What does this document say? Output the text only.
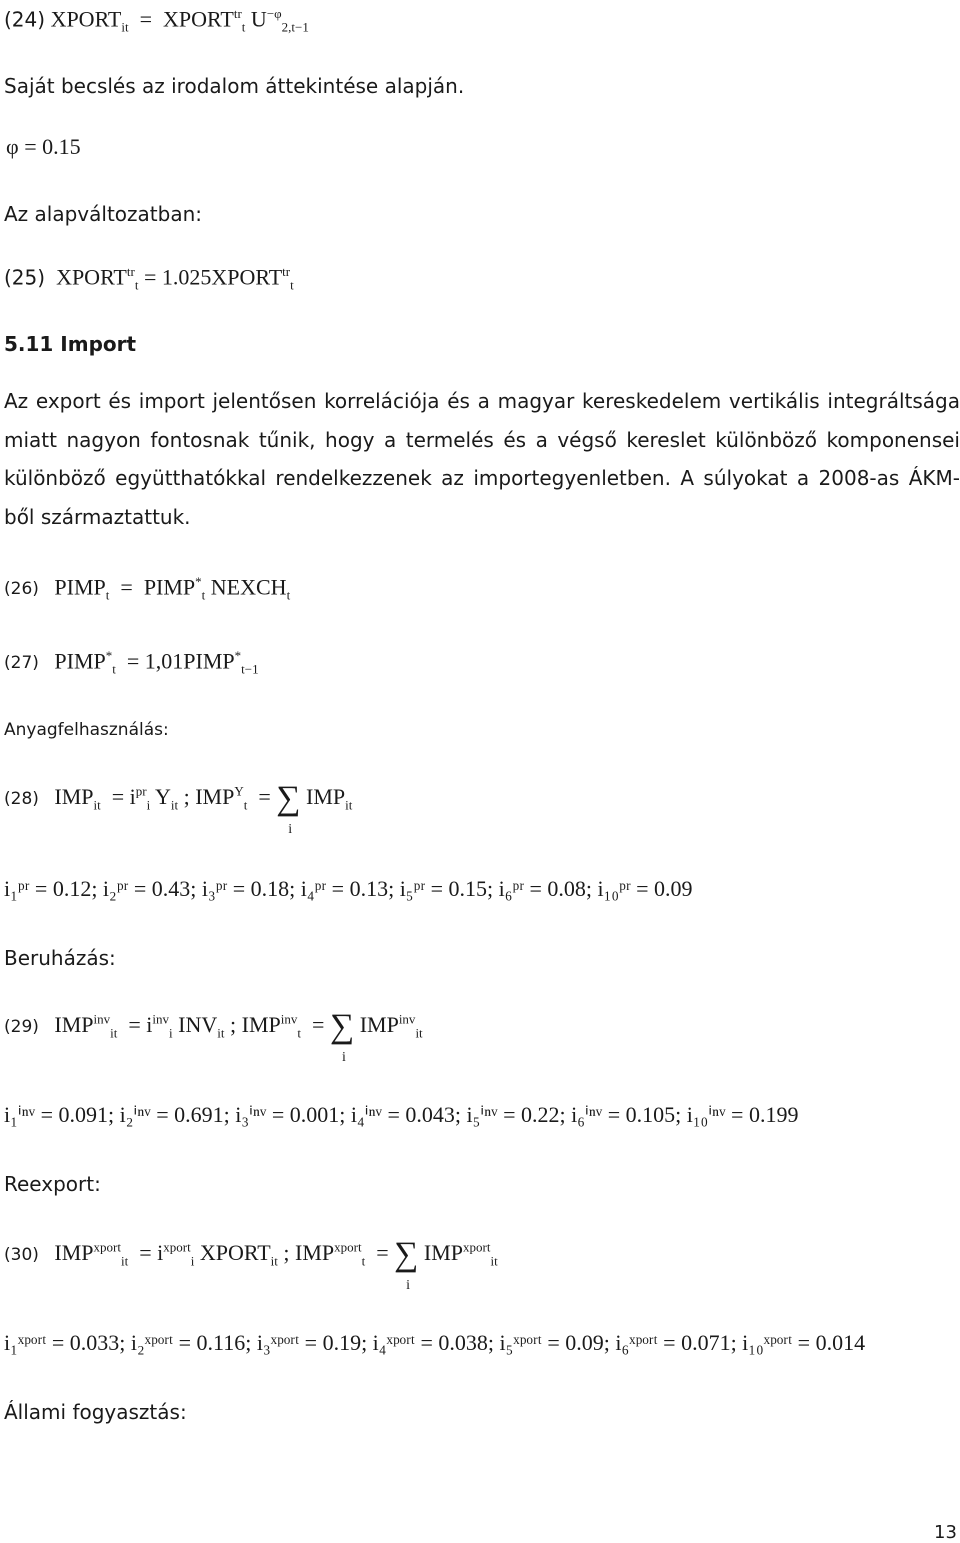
(24) $XPORT_{it}$  =  $XPORT^{tr}_t$ $U^{-\varphi}_{2,t-1}$
Saját becslés az irodalom áttekintése alapján.
φ = 0.15
Az alapváltozatban:
(25) $XPORT^{tr}_t$ = $1.025XPORT^{tr}_t$
5.11 Import
Az export és import jelentősen korrelációja és a magyar kereskedelem vertikális integráltsága miatt nagyon fontosnak tűnik, hogy a termelés és a végső kereslet különböző komponensei különböző együtthatókkal rendelkezzenek az importegyenletben. A súlyokat a 2008-as ÁKM-ből származtattuk.
(26) $PIMP_t$  =  $PIMP^*_t$ $NEXCH_t$
(27) $PIMP^*_t$ = $1,01PIMP^*_{t-1}$
Anyagfelhasználás:
(28) $IMP_{it} = i^{pr}_i$ $Y_{it}$ ; $IMP^Y_t$ = ∑
i
$IMP_{it}$
i₁ᵖʳ = 0.12; i₂ᵖʳ = 0.43; i₃ᵖʳ = 0.18; i₄ᵖʳ = 0.13; i₅ᵖʳ = 0.15; i₆ᵖʳ = 0.08; i₁₀ᵖʳ = 0.09
Beruházás:
(29) $IMP^{inv}_{it} = i^{inv}_i$ $INV_{it}$ ; $IMP^{inv}_t$ = ∑
i
$IMP^{inv}_{it}$
i₁ⁱⁿᵛ = 0.091; i₂ⁱⁿᵛ = 0.691; i₃ⁱⁿᵛ = 0.001; i₄ⁱⁿᵛ = 0.043; i₅ⁱⁿᵛ = 0.22; i₆ⁱⁿᵛ = 0.105; i₁₀ⁱⁿᵛ = 0.199
Reexport:
(30) $IMP^{xport}_{it} = i^{xport}_i$ $XPORT_{it}$ ; $IMP^{xport}_t$ = ∑
i
$IMP^{xport}_{it}$
i₁ˣᵖᵒʳᵗ = 0.033; i₂ˣᵖᵒʳᵗ = 0.116; i₃ˣᵖᵒʳᵗ = 0.19; i₄ˣᵖᵒʳᵗ = 0.038; i₅ˣᵖᵒʳᵗ = 0.09; i₆ˣᵖᵒʳᵗ = 0.071; i₁₀ˣᵖᵒʳᵗ = 0.014
Állami fogyasztás:
13
